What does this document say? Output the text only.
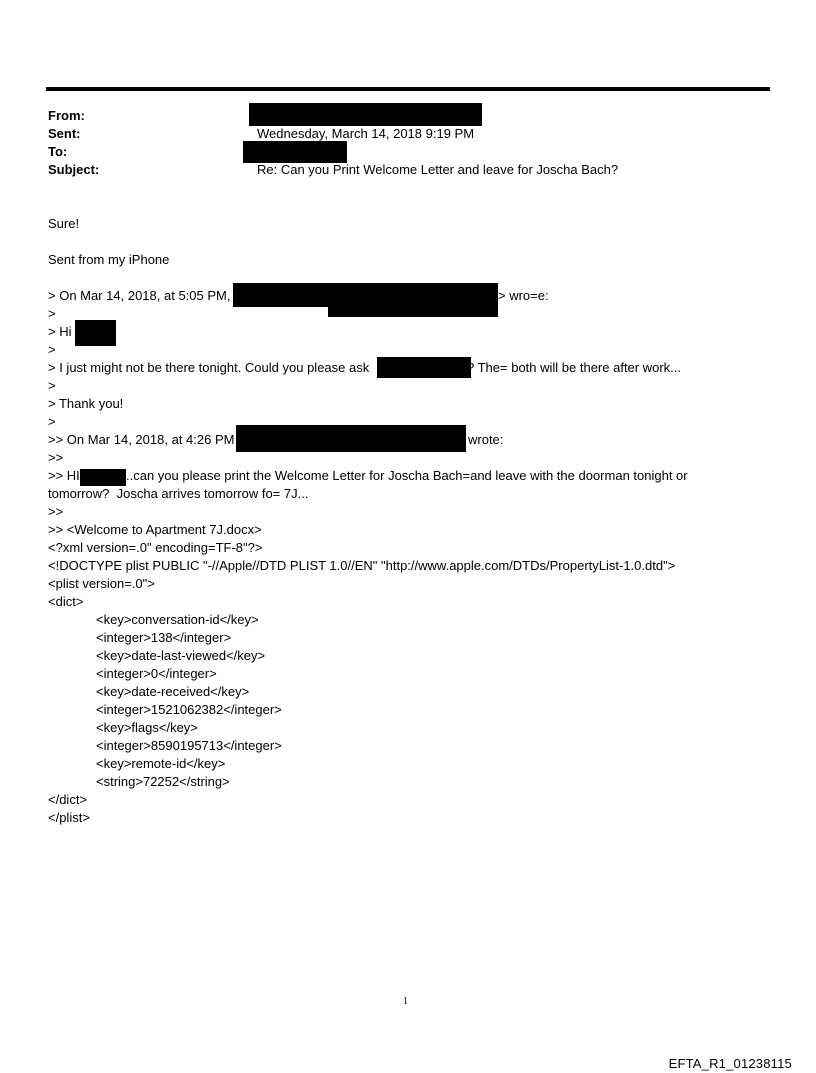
From:
Sent:	Wednesday, March 14, 2018 9:19 PM
To:
Subject:	Re: Can you Print Welcome Letter and leave for Joscha Bach?
Sure!
Sent from my iPhone
> On Mar 14, 2018, at 5:05 PM,	> wro=e:
>
> Hi
>
> I just might not be there tonight. Could you please ask	? The= both will be there after work...
>
> Thank you!
>
>> On Mar 14, 2018, at 4:26 PM	wrote:
>>
>> HI	..can you please print the Welcome Letter for Joscha Bach=and leave with the doorman tonight or
tomorrow?  Joscha arrives tomorrow fo= 7J...
>>
>> <Welcome to Apartment 7J.docx>
<?xml version=.0" encoding=TF-8"?>
<!DOCTYPE plist PUBLIC "-//Apple//DTD PLIST 1.0//EN" "http://www.apple.com/DTDs/PropertyList-1.0.dtd">
<plist version=.0">
<dict>
<key>conversation-id</key>
<integer>138</integer>
<key>date-last-viewed</key>
<integer>0</integer>
<key>date-received</key>
<integer>1521062382</integer>
<key>flags</key>
<integer>8590195713</integer>
<key>remote-id</key>
<string>72252</string>
</dict>
</plist>
1
EFTA_R1_01238115
